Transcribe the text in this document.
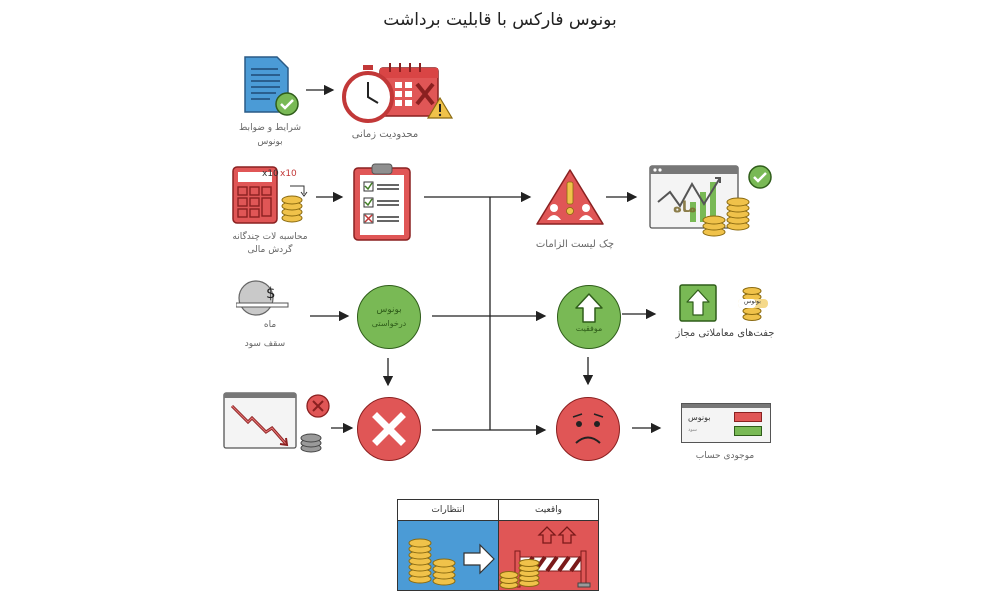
بونوس فارکس با قابلیت برداشت
شرایط و ضوابط
بونوس
محدودیت زمانی
x10 x10
محاسبه لات چندگانه
گردش مالی	چک لیست الزامات
ماه
$
ماه
سقف سود
بونوس
درخواستی
موفقیت
بونوس
جفت‌های معاملاتی مجاز
بونوس
سود
موجودی حساب
انتظارات	واقعیت
